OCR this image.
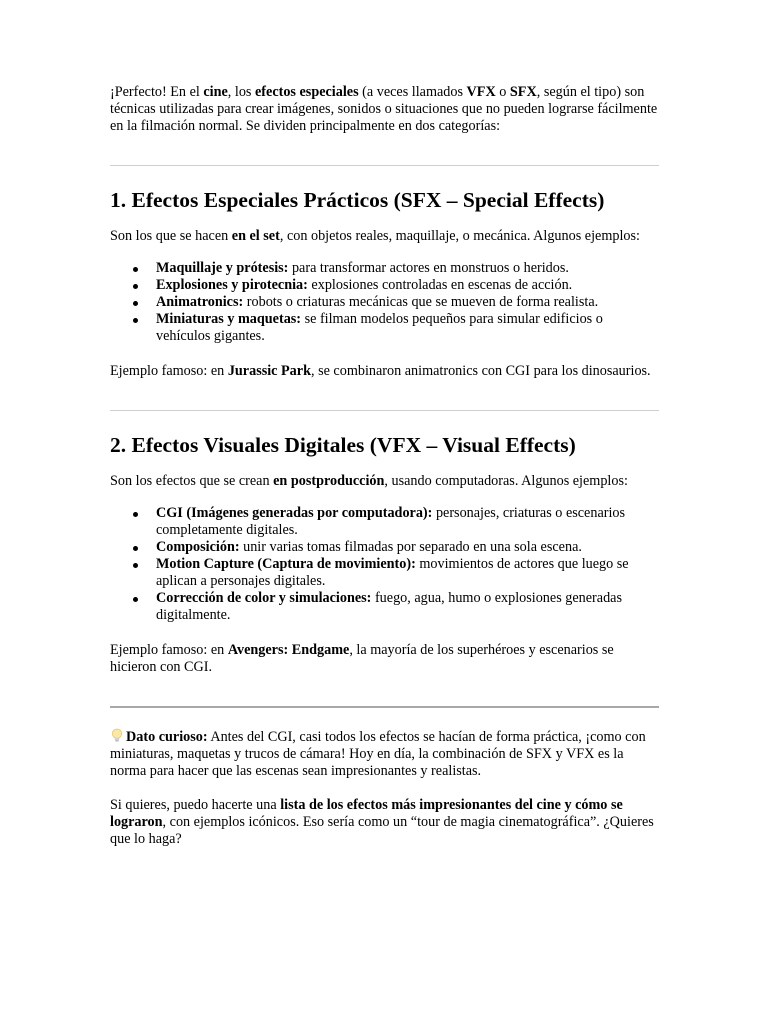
¡Perfecto! En el cine, los efectos especiales (a veces llamados VFX o SFX, según el tipo) son técnicas utilizadas para crear imágenes, sonidos o situaciones que no pueden lograrse fácilmente en la filmación normal. Se dividen principalmente en dos categorías:

1. Efectos Especiales Prácticos (SFX – Special Effects)

Son los que se hacen en el set, con objetos reales, maquillaje, o mecánica. Algunos ejemplos:

Maquillaje y prótesis: para transformar actores en monstruos o heridos.
Explosiones y pirotecnia: explosiones controladas en escenas de acción.
Animatronics: robots o criaturas mecánicas que se mueven de forma realista.
Miniaturas y maquetas: se filman modelos pequeños para simular edificios o vehículos gigantes.

Ejemplo famoso: en Jurassic Park, se combinaron animatronics con CGI para los dinosaurios.

2. Efectos Visuales Digitales (VFX – Visual Effects)

Son los efectos que se crean en postproducción, usando computadoras. Algunos ejemplos:

CGI (Imágenes generadas por computadora): personajes, criaturas o escenarios completamente digitales.
Composición: unir varias tomas filmadas por separado en una sola escena.
Motion Capture (Captura de movimiento): movimientos de actores que luego se aplican a personajes digitales.
Corrección de color y simulaciones: fuego, agua, humo o explosiones generadas digitalmente.

Ejemplo famoso: en Avengers: Endgame, la mayoría de los superhéroes y escenarios se hicieron con CGI.

Dato curioso: Antes del CGI, casi todos los efectos se hacían de forma práctica, ¡como con miniaturas, maquetas y trucos de cámara! Hoy en día, la combinación de SFX y VFX es la norma para hacer que las escenas sean impresionantes y realistas.

Si quieres, puedo hacerte una lista de los efectos más impresionantes del cine y cómo se lograron, con ejemplos icónicos. Eso sería como un “tour de magia cinematográfica”. ¿Quieres que lo haga?
